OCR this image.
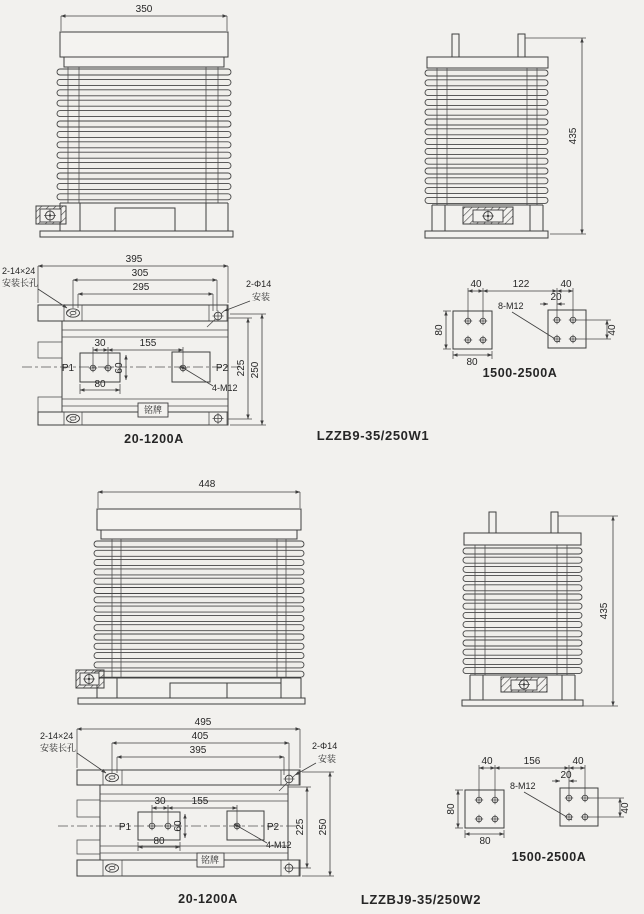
350
435
395
305
295
2-14×24
安装长孔	2-Φ14
安装
30	155
60
80
P1	P2
4-M12
225 250
铭牌
20-1200A
40	122	40
20
8-M12
80
80
40
1500-2500A
LZZB9-35/250W1
448
435
495
405
395
2-14×24
安装长孔	2-Φ14
安装
30	155
60
80
P1	P2
4-M12
225 250
铭牌
20-1200A
40	156	40
20
8-M12
80
80
40
1500-2500A
LZZBJ9-35/250W2
